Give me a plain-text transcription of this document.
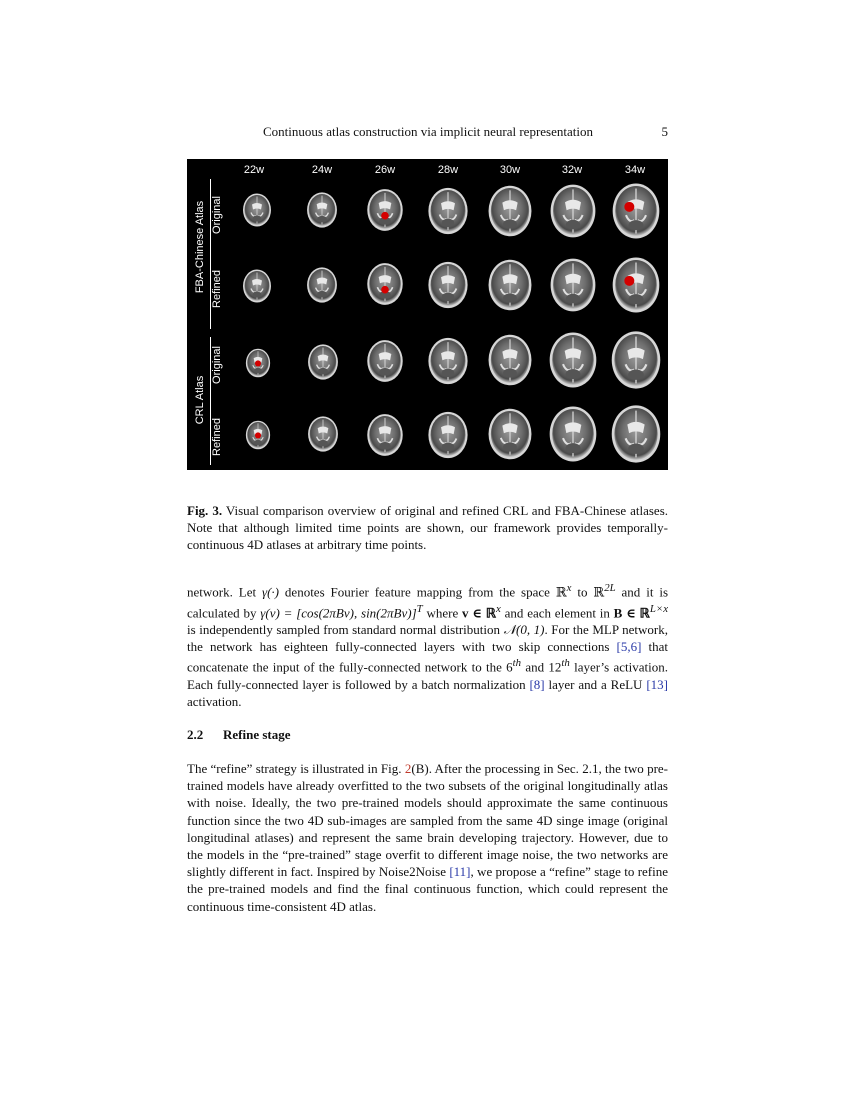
Continuous atlas construction via implicit neural representation	5
22w	24w	26w	28w	30w	32w	34w
FBA-Chinese Atlas Original
Refined
CRL Atlas
Original
Refined
Fig. 3. Visual comparison overview of original and refined CRL and FBA-Chinese atlases. Note that although limited time points are shown, our framework provides temporally-continuous 4D atlases at arbitrary time points.
network. Let γ(·) denotes Fourier feature mapping from the space ℝ$^x$ to ℝ$^{2L}$ and it is calculated by γ(v) = [cos(2πBv), sin(2πBv)]$^T$ where v ∈ ℝ$^x$ and each element in B ∈ ℝ$^{L\times x}$ is independently sampled from standard normal distribution 𝒩(0, 1). For the MLP network, the network has eighteen fully-connected layers with two skip connections [5,6] that concatenate the input of the fully-connected network to the 6th and 12th layer’s activation. Each fully-connected layer is followed by a batch normalization [8] layer and a ReLU [13] activation.
2.2 Refine stage
The “refine” strategy is illustrated in Fig. 2(B). After the processing in Sec. 2.1, the two pre-trained models have already overfitted to the two subsets of the original longitudinally atlas with noise. Ideally, the two pre-trained models should approximate the same continuous function since the two 4D sub-images are sampled from the same 4D singe image (original longitudinal atlases) and represent the same brain developing trajectory. However, due to the models in the “pre-trained” stage overfit to different image noise, the two networks are slightly different in fact. Inspired by Noise2Noise [11], we propose a “refine” stage to refine the pre-trained models and find the final continuous function, which could represent the continuous time-consistent 4D atlas.
